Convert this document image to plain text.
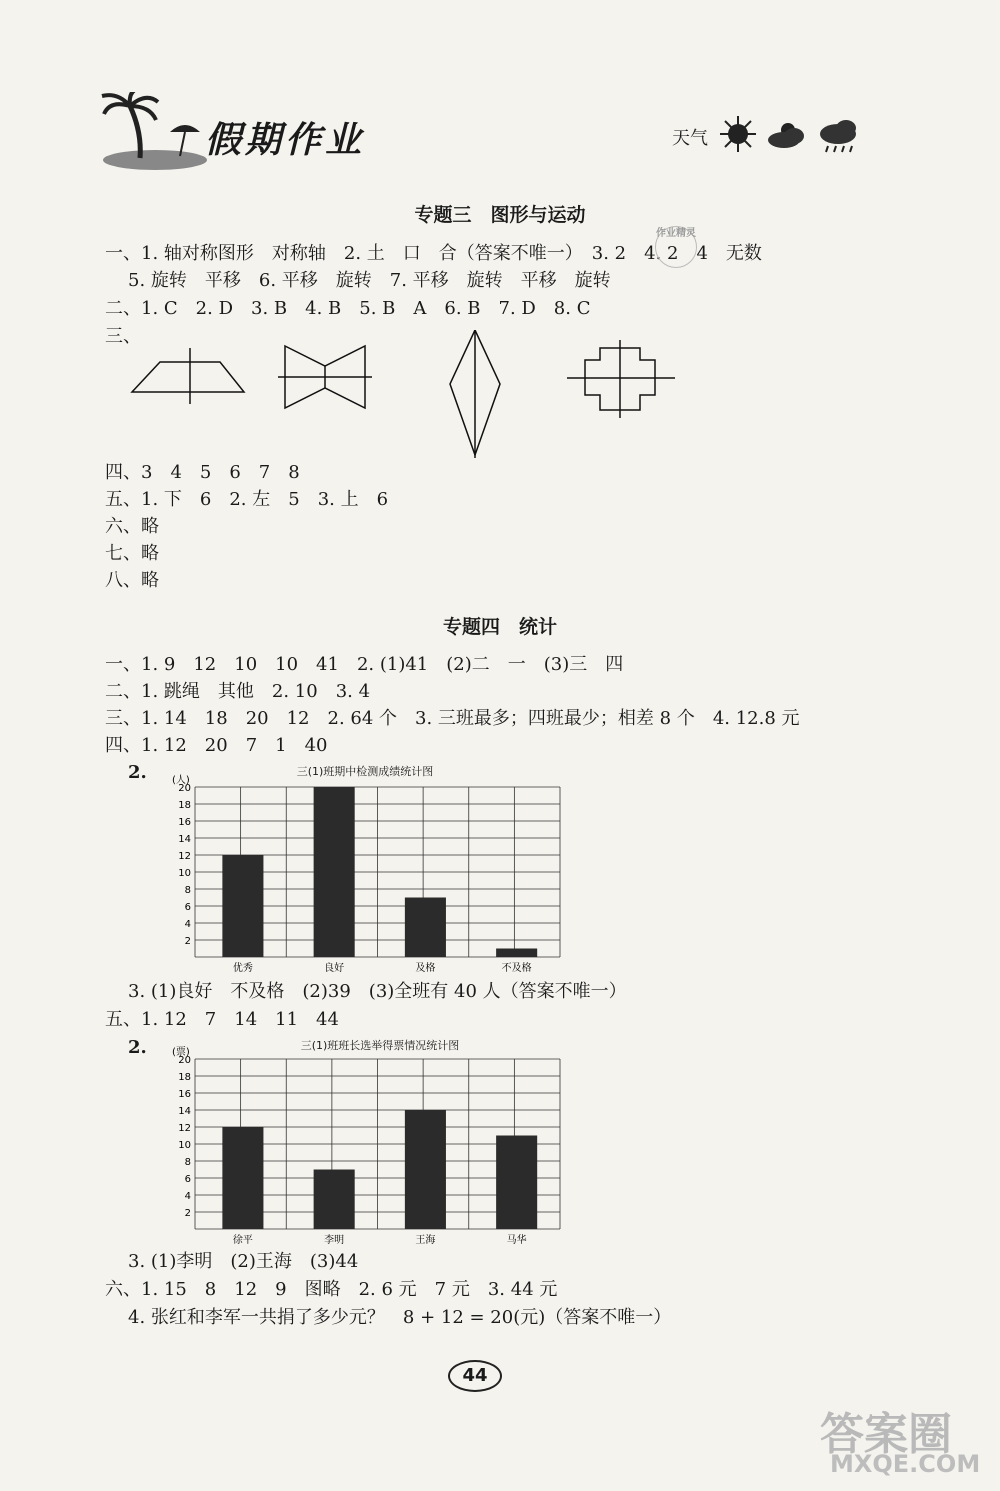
假期作业	天气
专题三　图形与运动
一、1. 轴对称图形　对称轴　2. 土　口　合（答案不唯一）　3. 2　4. 2　4　无数
5. 旋转　平移　6. 平移　旋转　7. 平移　旋转　平移　旋转
二、1. C　2. D　3. B　4. B　5. B　A　6. B　7. D　8. C
三、
四、3　4　5　6　7　8
五、1. 下　6　2. 左　5　3. 上　6
六、略
七、略
八、略
专题四　统计
一、1. 9　12　10　10　41　2. (1)41　(2)二　一　(3)三　四
二、1. 跳绳　其他　2. 10　3. 4
三、1. 14　18　20　12　2. 64 个　3. 三班最多；四班最少；相差 8 个　4. 12.8 元
四、1. 12　20　7　1　40
2.	三(1)班期中检测成绩统计图
(人)
2
4
6
8
10
12
14
16
18
20
优秀	良好	及格	不及格
3. (1)良好　不及格　(2)39　(3)全班有 40 人（答案不唯一）
五、1. 12　7　14　11　44
2.	三(1)班班长选举得票情况统计图
(票)
2
4
6
8
10
12
14
16
18
20
徐平	李明	王海	马华
3. (1)李明　(2)王海　(3)44
六、1. 15　8　12　9　图略　2. 6 元　7 元　3. 44 元
4. 张红和李军一共捐了多少元？　8 + 12 = 20(元)（答案不唯一）
44
答案圈
MXQE.COM
作业精灵
